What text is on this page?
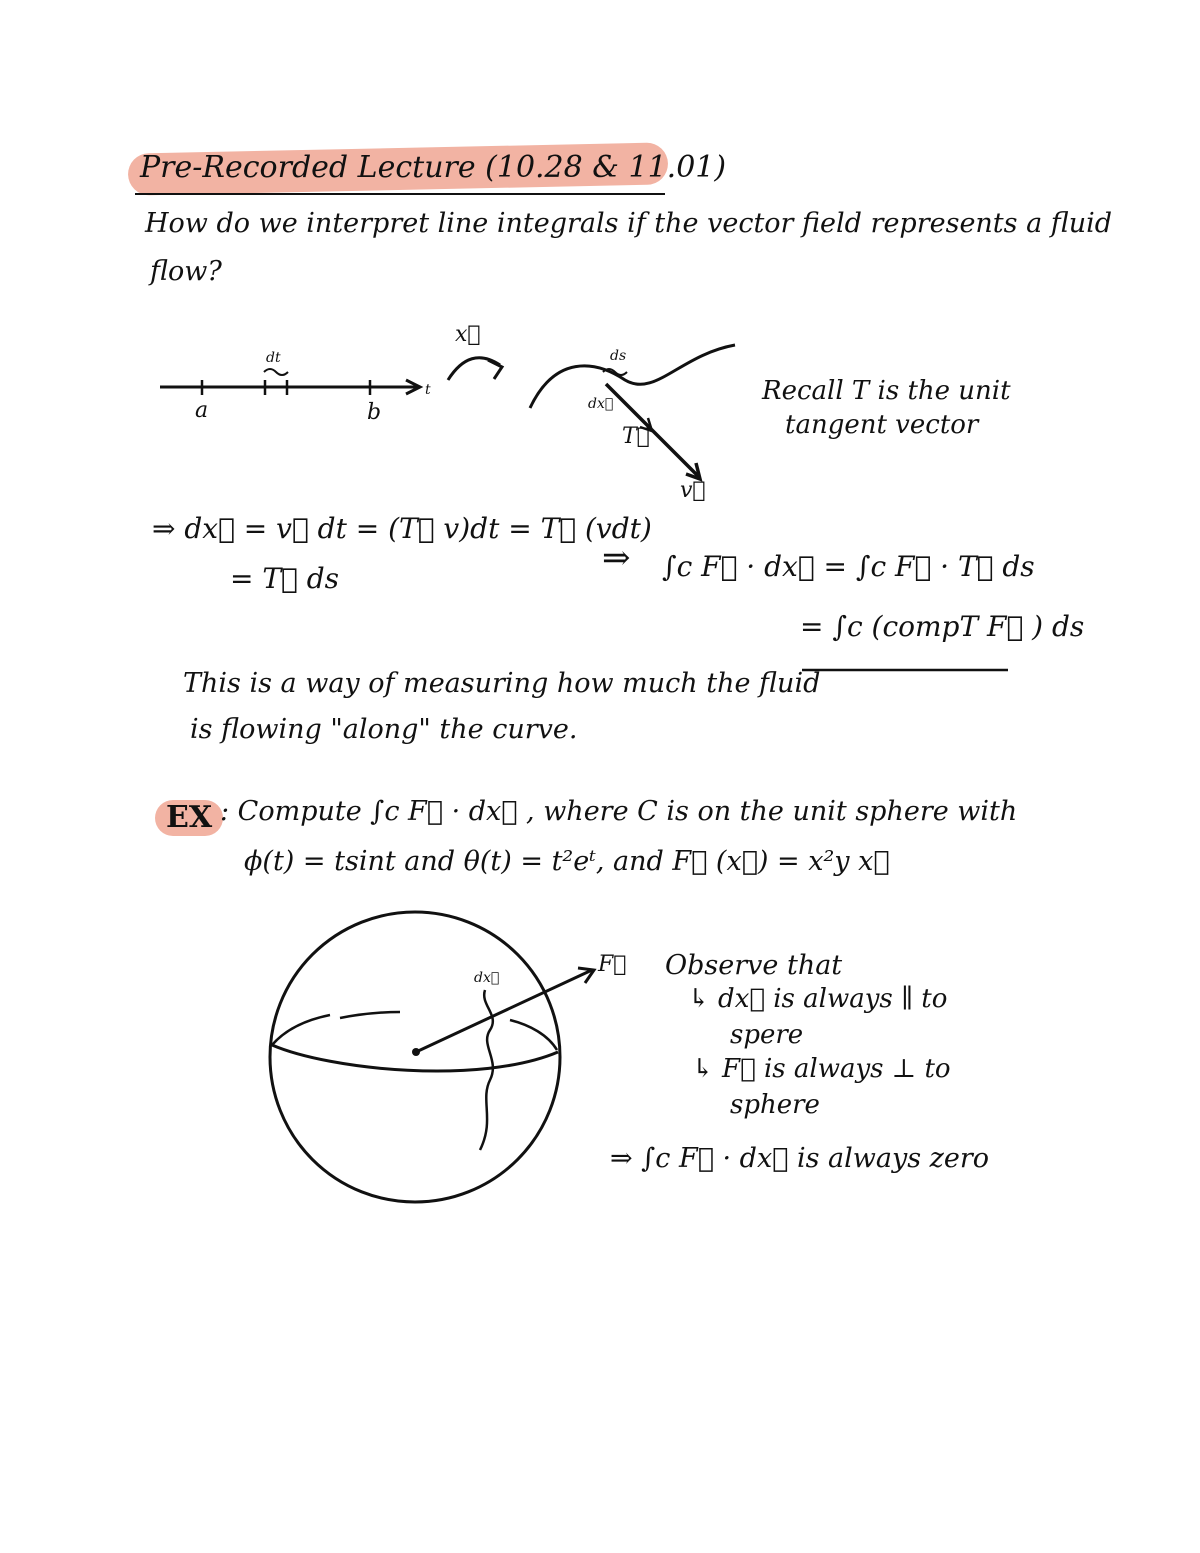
Pre-Recorded Lecture (10.28 & 11.01)
How do we interpret line integrals if the vector field represents a fluid
flow?
dt
a	b
t
x⃗
ds
dx⃗
T⃗
v⃗
Recall T is the unit
tangent vector
⇒ dx⃗ = v⃗ dt = (T⃗ v)dt = T⃗ (vdt)
= T⃗ ds
⇒ ∫c F⃗ · dx⃗ = ∫c F⃗ · T⃗ ds
= ∫c (compT F⃗ ) ds
This is a way of measuring how much the fluid
is flowing "along" the curve.
EX : Compute ∫c F⃗ · dx⃗ , where C is on the unit sphere with
ϕ(t) = tsint and θ(t) = t²eᵗ, and F⃗ (x⃗) = x²y x⃗
dx⃗
F⃗ Observe that
↳ dx⃗ is always ∥ to
spere
↳ F⃗ is always ⊥ to
sphere
⇒ ∫c F⃗ · dx⃗ is always zero
